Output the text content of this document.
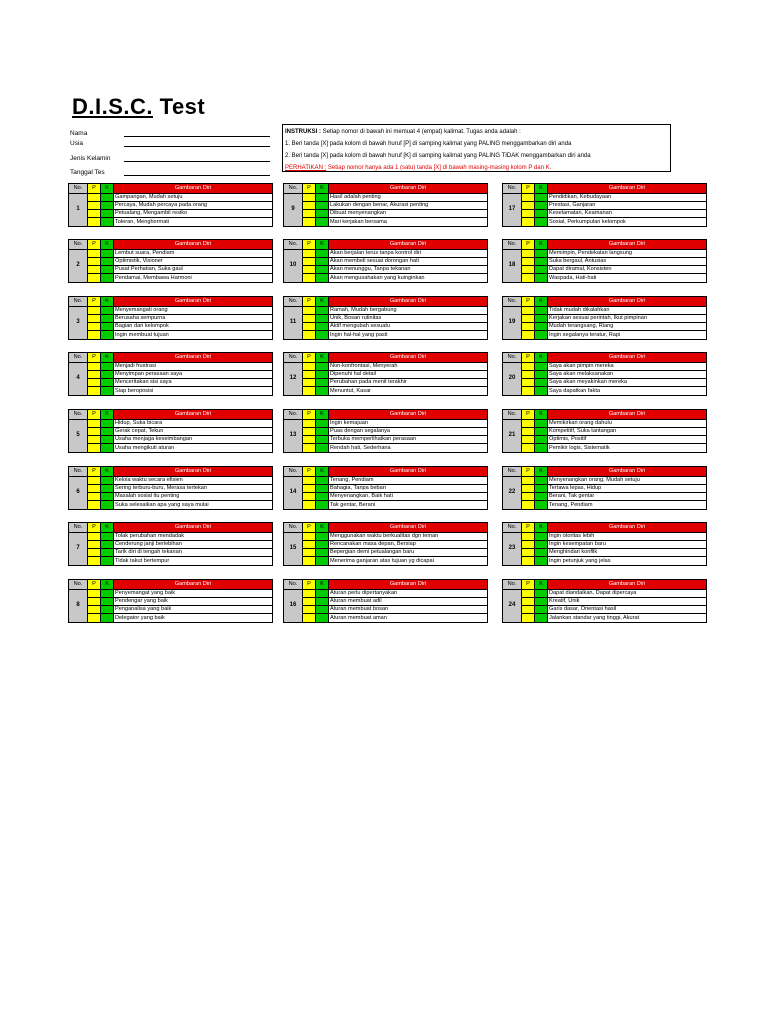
D.I.S.C. Test
Nama
Usia
Jenis Kelamin
Tanggal Tes
INSTRUKSI : Setiap nomor di bawah ini memuat 4 (empat) kalimat. Tugas anda adalah :
1. Beri tanda [X] pada kolom di bawah huruf [P] di samping kalimat yang PALING menggambarkan diri anda
2. Beri tanda [X] pada kolom di bawah huruf [K] di samping kalimat yang PALING TIDAK menggambarkan diri anda
PERHATIKAN : Setiap nomor hanya ada 1 (satu) tanda [X] di bawah masing-masing kolom P dan K.
No.	P	K	Gambaran Diri
1			Gampangan, Mudah setuju
			Percaya, Mudah percaya pada orang
			Petualang, Mengambil resiko
			Toleran, Menghormati
No.	P	K	Gambaran Diri
2			Lembut suara, Pendiam
			Optimistik, Visioner
			Pusat Perhatian, Suka gaul
			Pendamai, Membawa Harmoni
No.	P	K	Gambaran Diri
3			Menyemangati orang
			Berusaha sempurna
			Bagian dari kelompok
			Ingin membuat tujuan
No.	P	K	Gambaran Diri
4			Menjadi frustrasi
			Menyimpan perasaan saya
			Menceritakan sisi saya
			Siap beroposisi
No.	P	K	Gambaran Diri
5			Hidup, Suka bicara
			Gerak cepat, Tekun
			Usaha menjaga keseimbangan
			Usaha mengikuti aturan
No.	P	K	Gambaran Diri
6			Kelola waktu secara efisien
			Sering terburu-buru, Merasa tertekan
			Masalah sosial itu penting
			Suka selesaikan apa yang saya mulai
No.	P	K	Gambaran Diri
7			Tolak perubahan mendadak
			Cenderung janji berlebihan
			Tarik diri di tengah tekanan
			Tidak takut bertempur
No.	P	K	Gambaran Diri
8			Penyemangat yang baik
			Pendengar yang baik
			Penganalisa yang baik
			Delegator yang baik
No.	P	K	Gambaran Diri
9			Hasil adalah penting
			Lakukan dengan benar, Akurasi penting
			Dibuat menyenangkan
			Mari kerjakan bersama
No.	P	K	Gambaran Diri
10			Akan berjalan terus tanpa kontrol diri
			Akan membeli sesuai dorongan hati
			Akan menunggu, Tanpa tekanan
			Akan mengusahakan yang kuinginkan
No.	P	K	Gambaran Diri
11			Ramah, Mudah bergabung
			Unik, Bosan rutinitas
			Aktif mengubah sesuatu
			Ingin hal-hal yang pasti
No.	P	K	Gambaran Diri
12			Non-konfrontasi, Menyerah
			Dipenuhi hal detail
			Perubahan pada menit terakhir
			Menuntut, Kasar
No.	P	K	Gambaran Diri
13			Ingin kemajuan
			Puas dengan segalanya
			Terbuka memperlihatkan perasaan
			Rendah hati, Sederhana
No.	P	K	Gambaran Diri
14			Tenang, Pendiam
			Bahagia, Tanpa beban
			Menyenangkan, Baik hati
			Tak gentar, Berani
No.	P	K	Gambaran Diri
15			Menggunakan waktu berkualitas dgn teman
			Rencanakan masa depan, Bersiap
			Bepergian demi petualangan baru
			Menerima ganjaran atas tujuan yg dicapai
No.	P	K	Gambaran Diri
16			Aturan perlu dipertanyakan
			Aturan membuat adil
			Aturan membuat bosan
			Aturan membuat aman
No.	P	K	Gambaran Diri
17			Pendidikan, Kebudayaan
			Prestasi, Ganjaran
			Keselamatan, Keamanan
			Sosial, Perkumpulan kelompok
No.	P	K	Gambaran Diri
18			Memimpin, Pendekatan langsung
			Suka bergaul, Antusias
			Dapat diramal, Konsisten
			Waspada, Hati-hati
No.	P	K	Gambaran Diri
19			Tidak mudah dikalahkan
			Kerjakan sesuai perintah, Ikut pimpinan
			Mudah terangsang, Riang
			Ingin segalanya teratur, Rapi
No.	P	K	Gambaran Diri
20			Saya akan pimpin mereka
			Saya akan melaksanakan
			Saya akan meyakinkan mereka
			Saya dapatkan fakta
No.	P	K	Gambaran Diri
21			Memikirkan orang dahulu
			Kompetitif, Suka tantangan
			Optimis, Positif
			Pemikir logis, Sistematik
No.	P	K	Gambaran Diri
22			Menyenangkan orang, Mudah setuju
			Tertawa lepas, Hidup
			Berani, Tak gentar
			Tenang, Pendiam
No.	P	K	Gambaran Diri
23			Ingin otoritas lebih
			Ingin kesempatan baru
			Menghindari konflik
			Ingin petunjuk yang jelas
No.	P	K	Gambaran Diri
24			Dapat diandalkan, Dapat dipercaya
			Kreatif, Unik
			Garis dasar, Orientasi hasil
			Jalankan standar yang tinggi, Akurat
